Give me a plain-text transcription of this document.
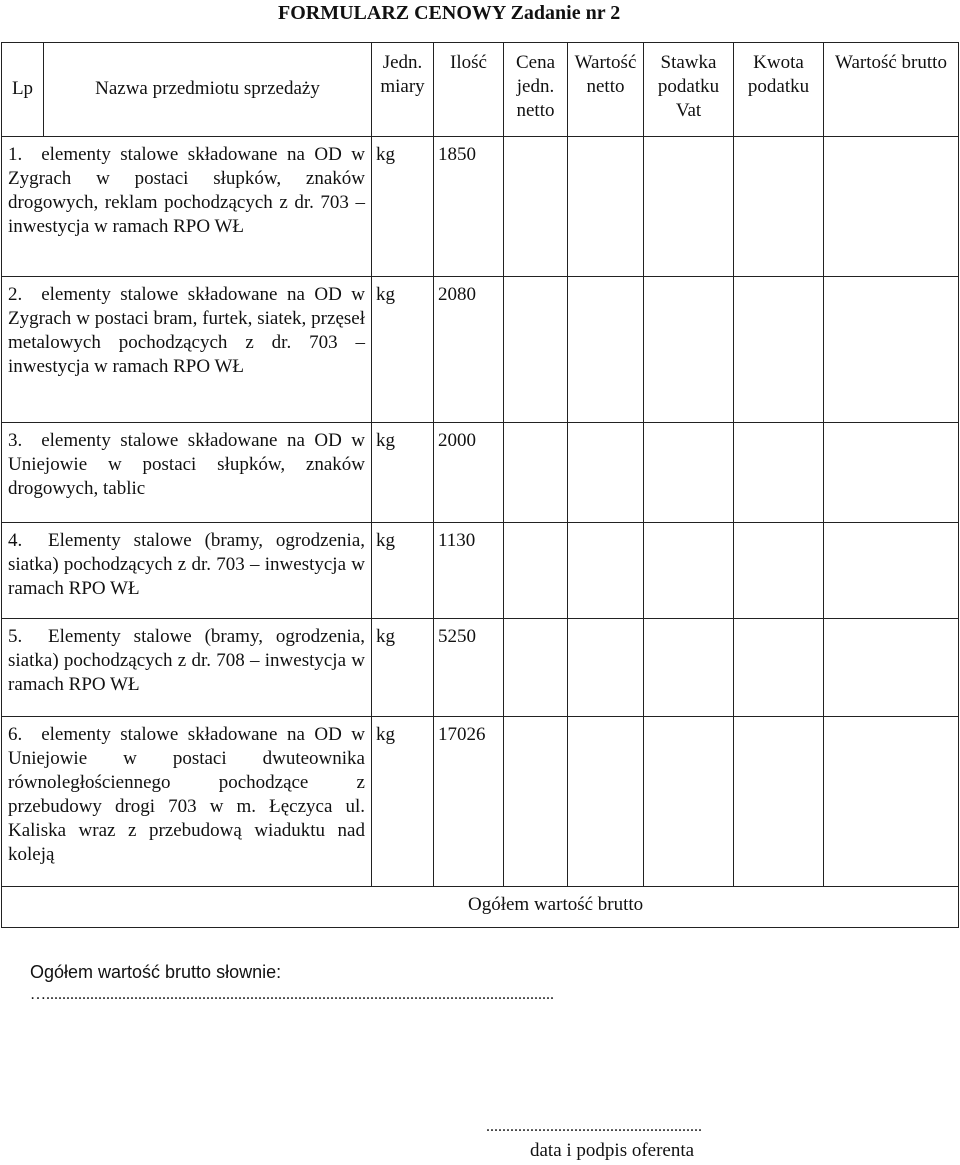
FORMULARZ CENOWY Zadanie nr 2
Lp	Nazwa przedmiotu sprzedaży	Jedn. miary	Ilość	Cena jedn. netto	Wartość netto	Stawka podatku Vat	Kwota podatku	Wartość brutto
1. elementy stalowe składowane na OD w Zygrach w postaci słupków, znaków drogowych, reklam pochodzących z dr. 703 – inwestycja w ramach RPO WŁ		kg	1850					
2. elementy stalowe składowane na OD w Zygrach w postaci bram, furtek, siatek, przęseł metalowych pochodzących z dr. 703 – inwestycja w ramach RPO WŁ		kg	2080					
3. elementy stalowe składowane na OD w Uniejowie w postaci słupków, znaków drogowych, tablic		kg	2000					
4. Elementy stalowe (bramy, ogrodzenia, siatka) pochodzących z dr. 703 – inwestycja w ramach RPO WŁ		kg	1130					
5. Elementy stalowe (bramy, ogrodzenia, siatka) pochodzących z dr. 708 – inwestycja w ramach RPO WŁ		kg	5250					
6. elementy stalowe składowane na OD w Uniejowie w postaci dwuteownika równoległościennego pochodzące z przebudowy drogi 703 w m. Łęczyca ul. Kaliska wraz z przebudową wiaduktu nad koleją		kg	17026					
Ogółem wartość brutto								
Ogółem wartość brutto słownie:
…...............................................................................................................................
......................................................
data i podpis oferenta
